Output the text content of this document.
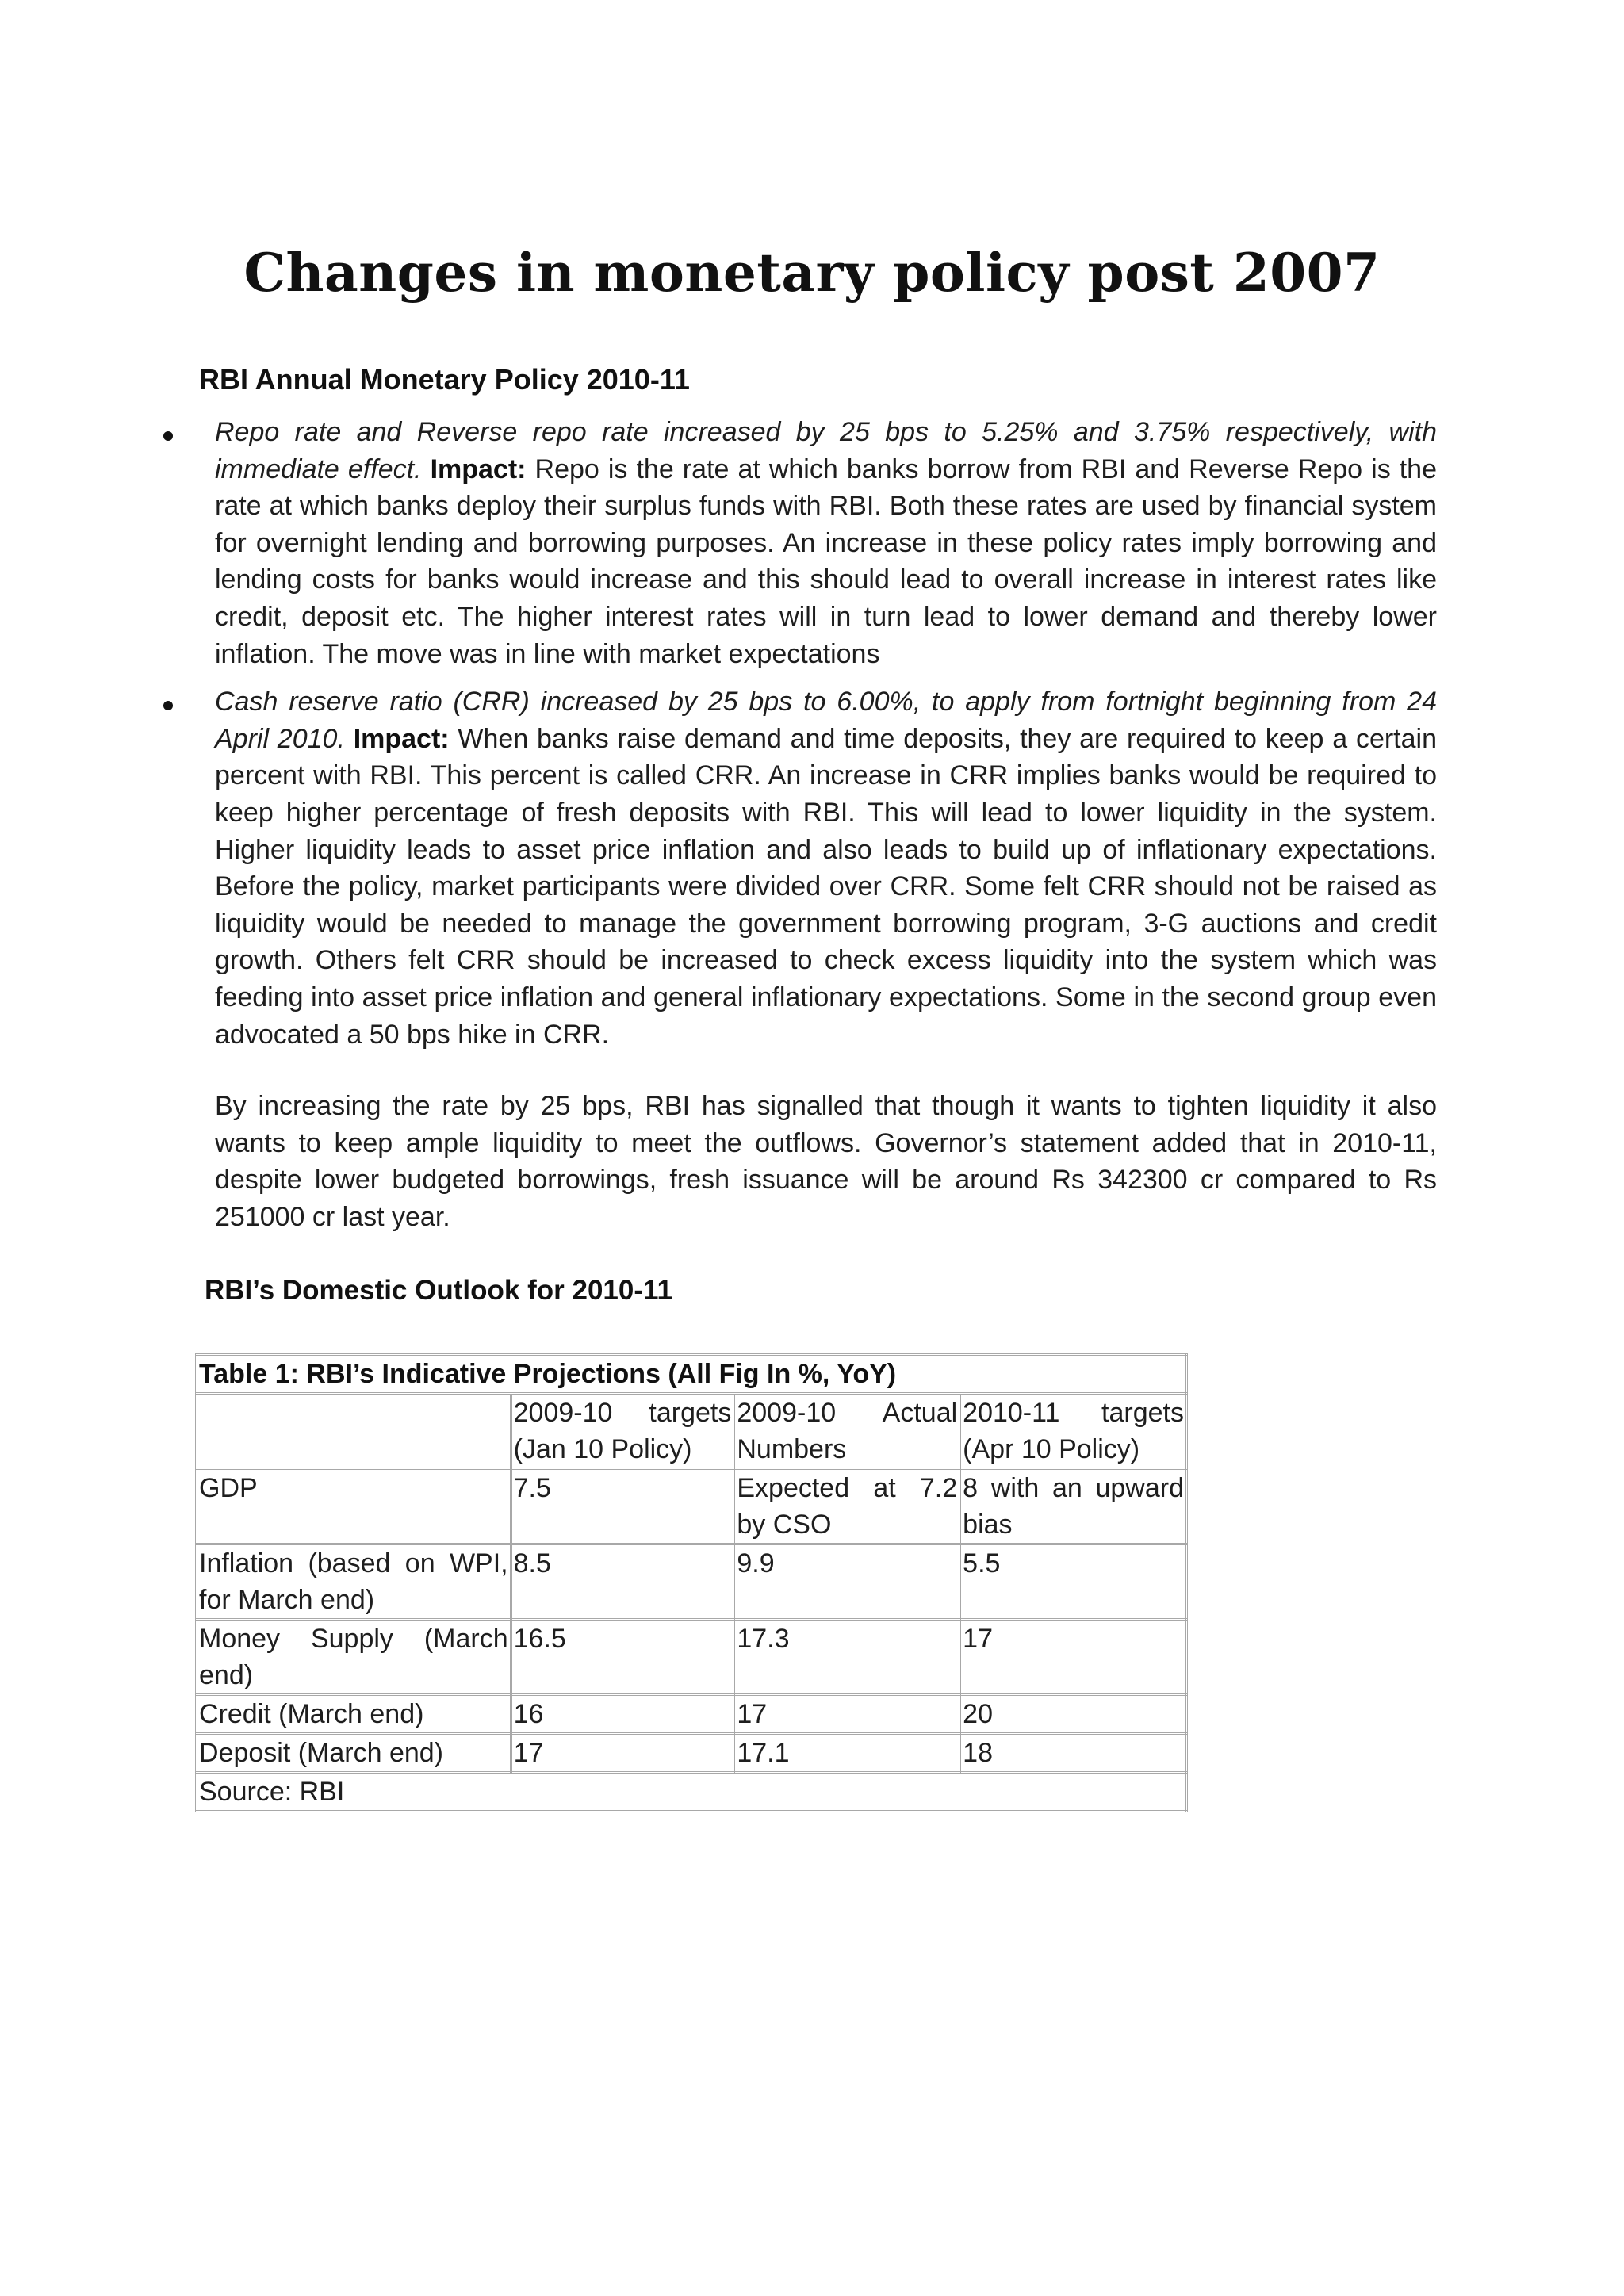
Changes in monetary policy post 2007
RBI Annual Monetary Policy 2010-11

Repo rate and Reverse repo rate increased by 25 bps to 5.25% and 3.75% respectively, with immediate effect. Impact: Repo is the rate at which banks borrow from RBI and Reverse Repo is the rate at which banks deploy their surplus funds with RBI. Both these rates are used by financial system for overnight lending and borrowing purposes. An increase in these policy rates imply borrowing and lending costs for banks would increase and this should lead to overall increase in interest rates like credit, deposit etc. The higher interest rates will in turn lead to lower demand and thereby lower inflation. The move was in line with market expectations

Cash reserve ratio (CRR) increased by 25 bps to 6.00%, to apply from fortnight beginning from 24 April 2010. Impact: When banks raise demand and time deposits, they are required to keep a certain percent with RBI. This percent is called CRR. An increase in CRR implies banks would be required to keep higher percentage of fresh deposits with RBI. This will lead to lower liquidity in the system. Higher liquidity leads to asset price inflation and also leads to build up of inflationary expectations. Before the policy, market participants were divided over CRR. Some felt CRR should not be raised as liquidity would be needed to manage the government borrowing program, 3-G auctions and credit growth. Others felt CRR should be increased to check excess liquidity into the system which was feeding into asset price inflation and general inflationary expectations. Some in the second group even advocated a 50 bps hike in CRR.

By increasing the rate by 25 bps, RBI has signalled that though it wants to tighten liquidity it also wants to keep ample liquidity to meet the outflows. Governor’s statement added that in 2010-11, despite lower budgeted borrowings, fresh issuance will be around Rs 342300 cr compared to Rs 251000 cr last year.

RBI’s Domestic Outlook for 2010-11
Table 1: RBI’s Indicative Projections (All Fig In %, YoY)			
	2009-10 targets (Jan 10 Policy)	2009-10 Actual Numbers	2010-11 targets (Apr 10 Policy)
GDP	7.5	Expected at 7.2 by CSO	8 with an upward bias
Inflation (based on WPI, for March end)	8.5	9.9	5.5
Money Supply (March end)	16.5	17.3	17
Credit (March end)	16	17	20
Deposit (March end)	17	17.1	18
Source: RBI			
